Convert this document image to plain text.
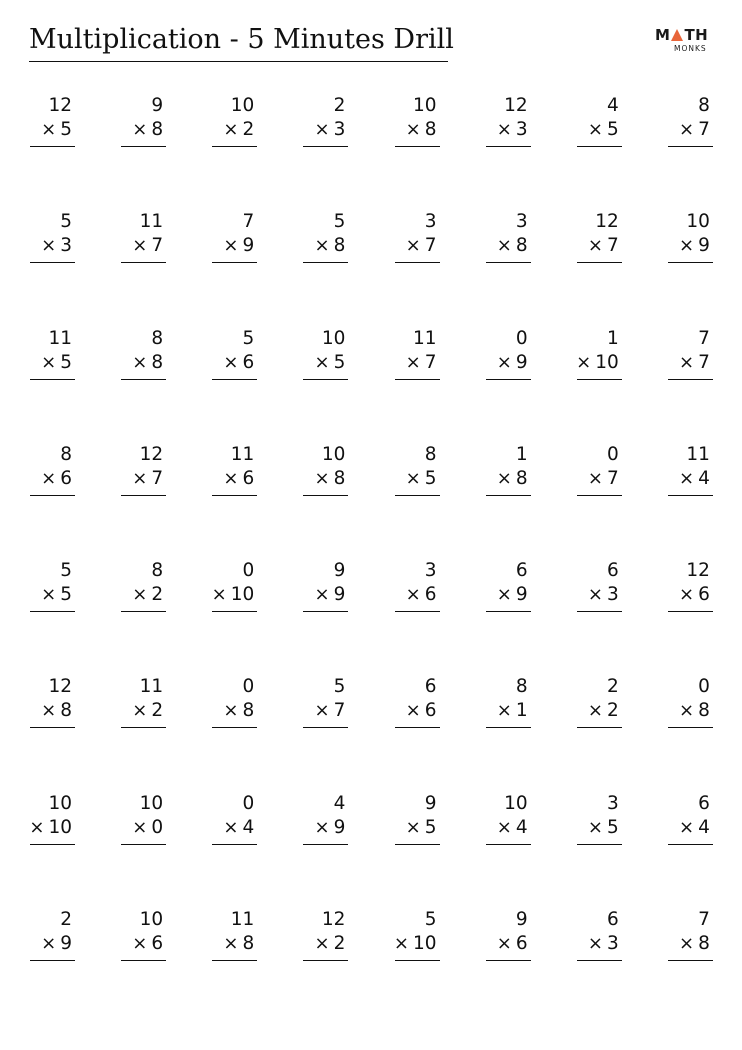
Multiplication - 5 Minutes Drill	M TH
MONKS
12
× 5
9
× 8
10
× 2
2
× 3
10
× 8
12
× 3
4
× 5
8
× 7
5
× 3
11
× 7
7
× 9
5
× 8
3
× 7
3
× 8
12
× 7
10
× 9
11
× 5
8
× 8
5
× 6
10
× 5
11
× 7
0
× 9
1
× 10
7
× 7
8
× 6
12
× 7
11
× 6
10
× 8
8
× 5
1
× 8
0
× 7
11
× 4
5
× 5
8
× 2
0
× 10
9
× 9
3
× 6
6
× 9
6
× 3
12
× 6
12
× 8
11
× 2
0
× 8
5
× 7
6
× 6
8
× 1
2
× 2
0
× 8
10
× 10
10
× 0
0
× 4
4
× 9
9
× 5
10
× 4
3
× 5
6
× 4
2
× 9
10
× 6
11
× 8
12
× 2
5
× 10
9
× 6
6
× 3
7
× 8
